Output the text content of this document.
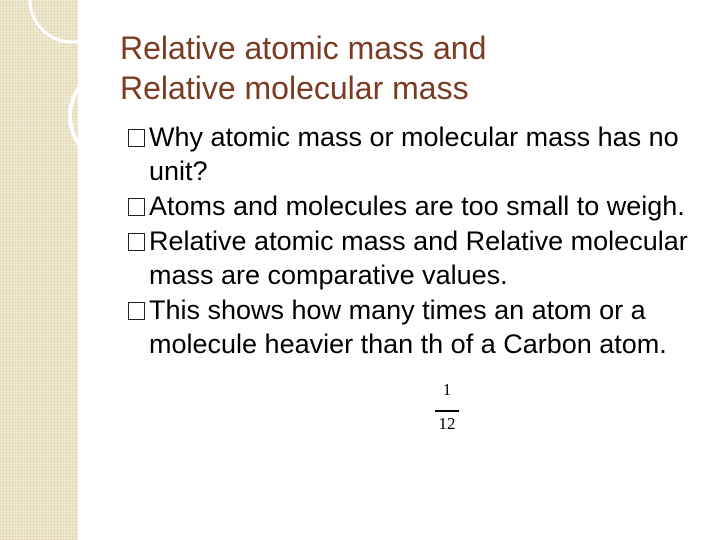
Relative atomic mass and
Relative molecular mass
Why atomic mass or molecular mass has no unit?
Atoms and molecules are too small to weigh.
Relative atomic mass and Relative molecular mass are comparative values.
This shows how many times an atom or a molecule heavier than th of a Carbon atom.
1
12
